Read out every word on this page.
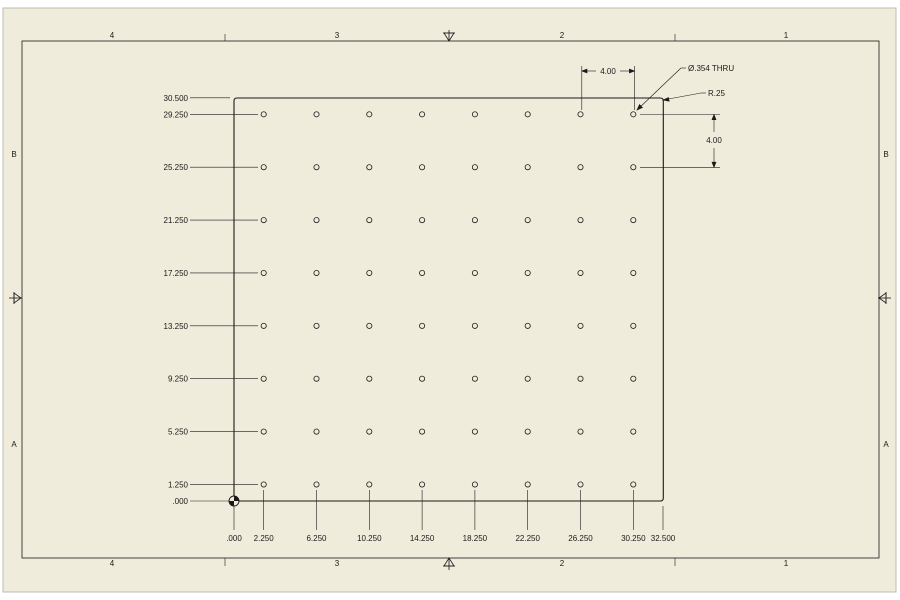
4	3	2	1
4	3	2	1
B
A
B
A
30.500
29.250
25.250
21.250
17.250
13.250
9.250
5.250
1.250
.000
.000 2.250	6.250	10.250	14.250	18.250	22.250	26.250	30.250 32.500
4.00
4.00
Ø.354 THRU
R.25
